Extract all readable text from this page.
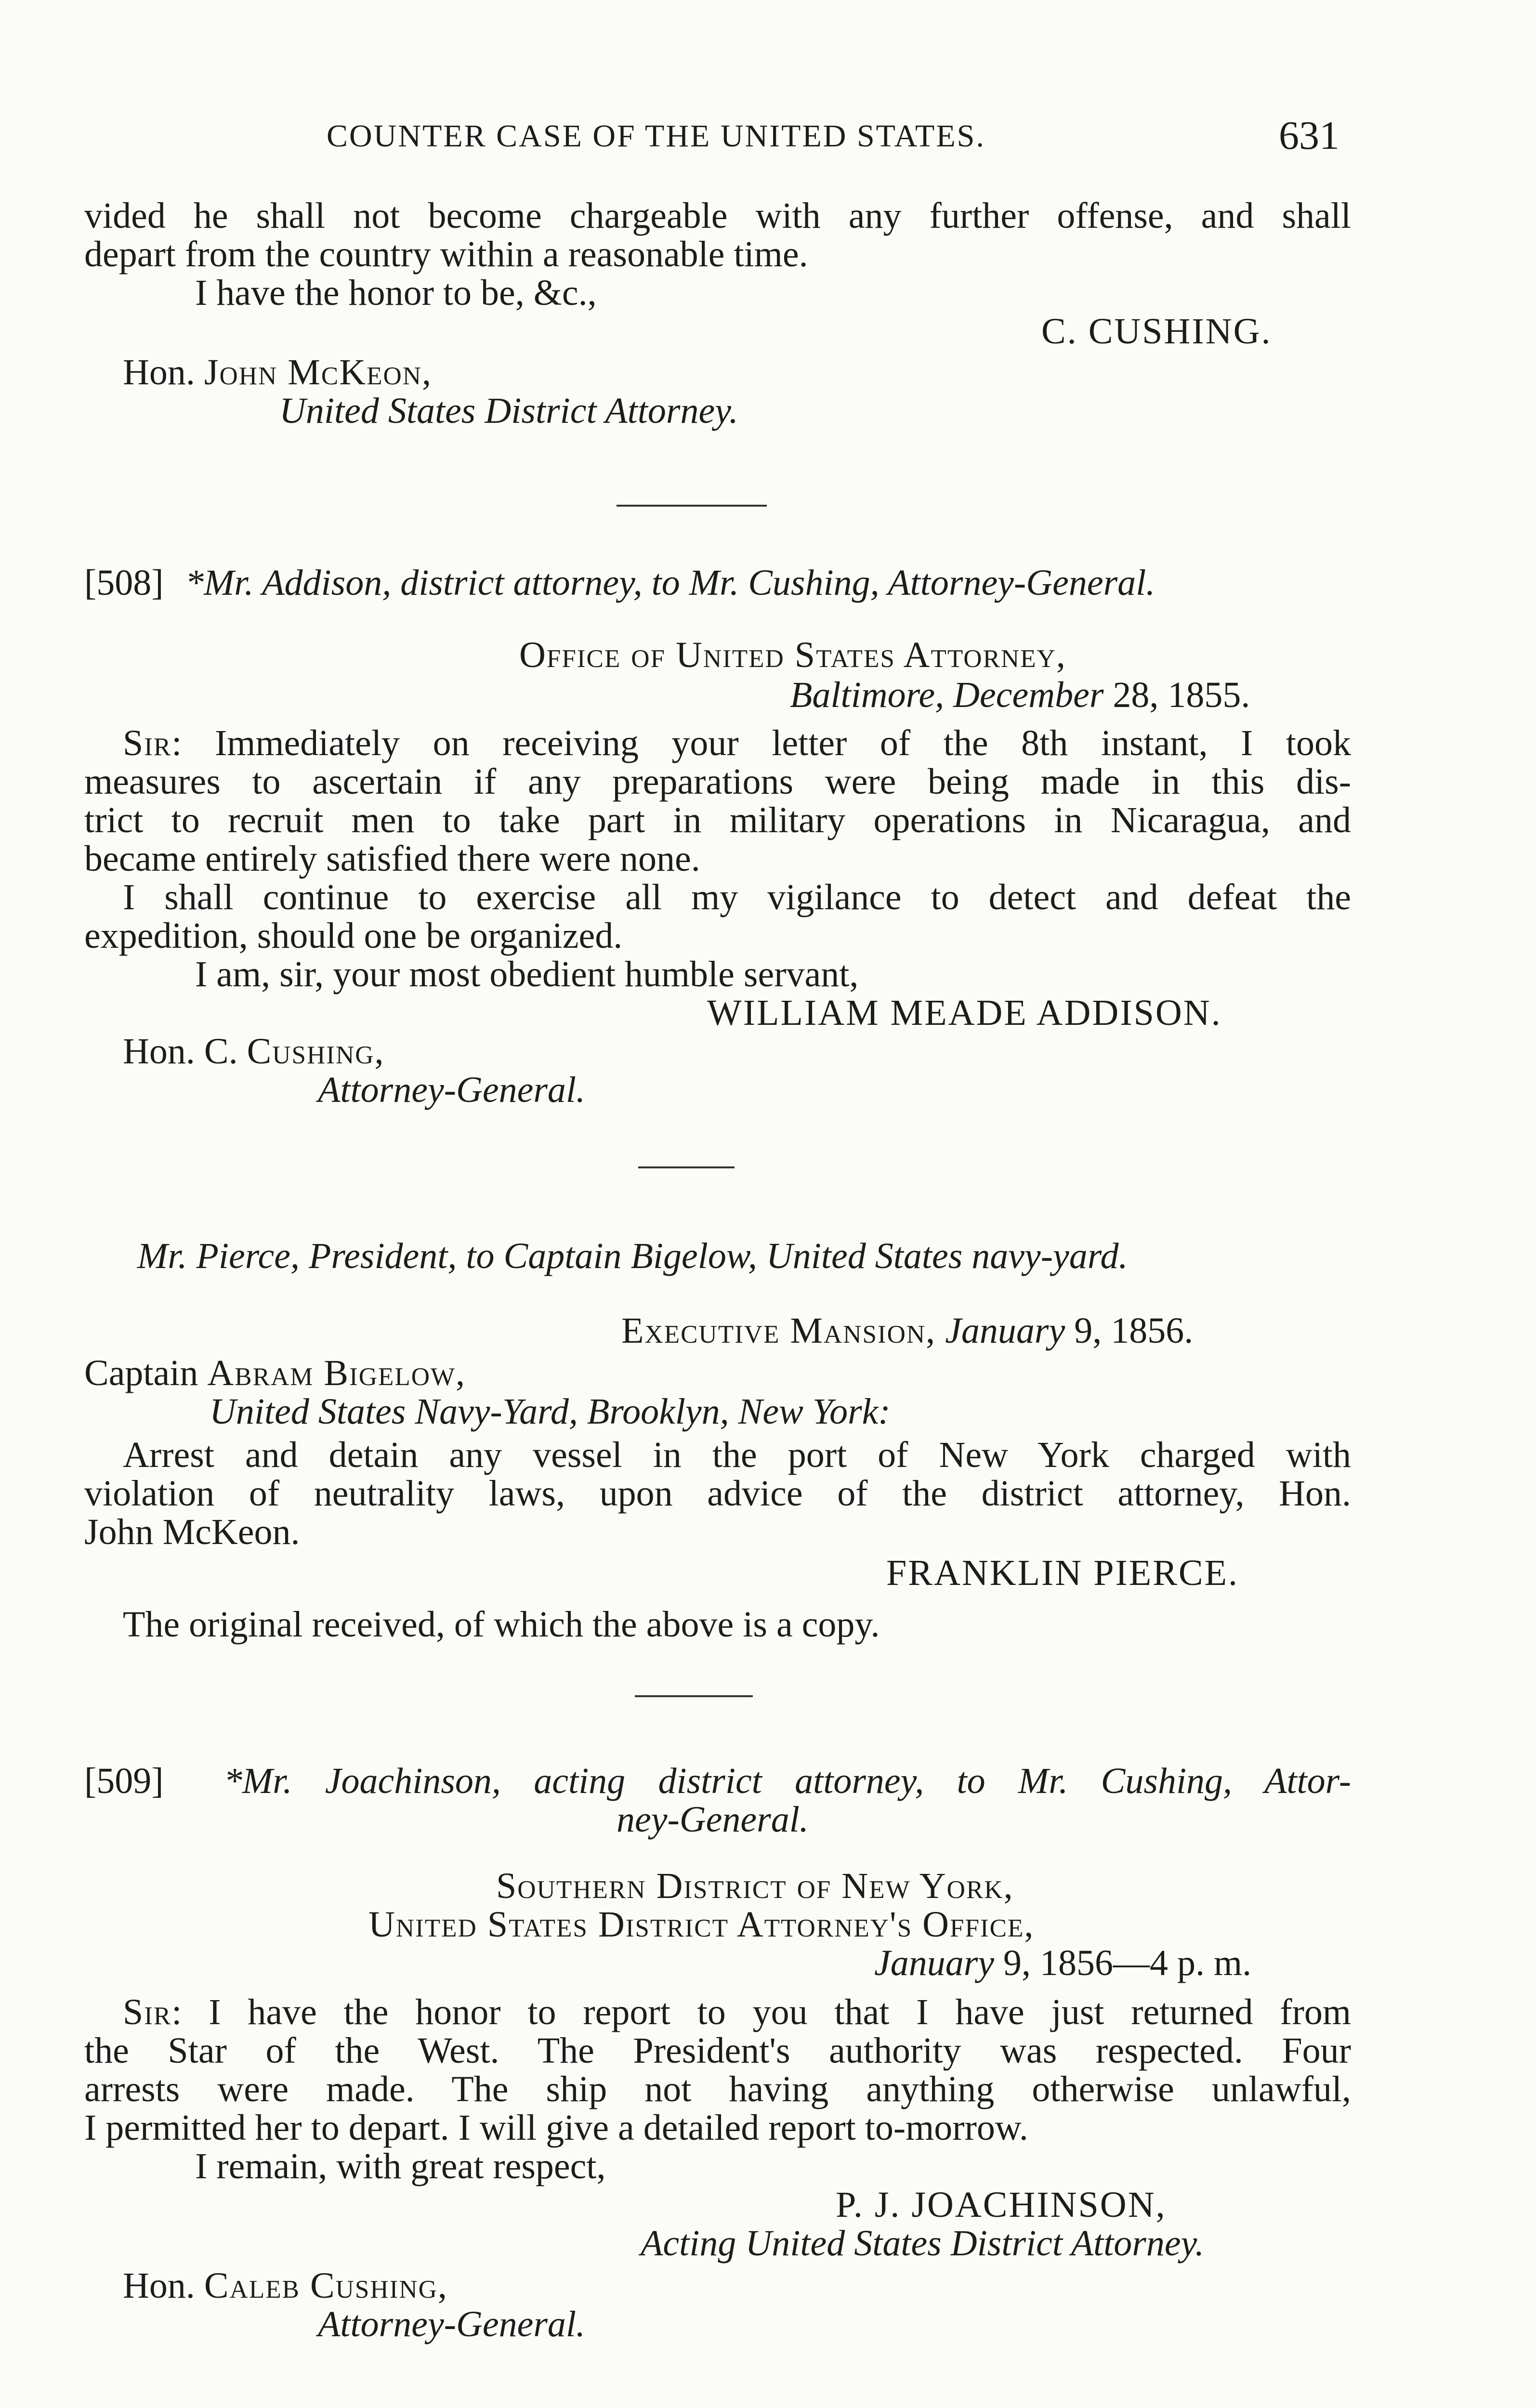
COUNTER CASE OF THE UNITED STATES.	631
vided he shall not become chargeable with any further offense, and shall
depart from the country within a reasonable time.
I have the honor to be, &c.,
C. CUSHING.
Hon. John McKeon,
United States District Attorney.
[508] *Mr. Addison, district attorney, to Mr. Cushing, Attorney-General.
Office of United States Attorney,
Baltimore, December 28, 1855.
Sir: Immediately on receiving your letter of the 8th instant, I took
measures to ascertain if any preparations were being made in this dis-
trict to recruit men to take part in military operations in Nicaragua, and
became entirely satisfied there were none.
I shall continue to exercise all my vigilance to detect and defeat the
expedition, should one be organized.
I am, sir, your most obedient humble servant,
WILLIAM MEADE ADDISON.
Hon. C. Cushing,
Attorney-General.
Mr. Pierce, President, to Captain Bigelow, United States navy-yard.
Executive Mansion, January 9, 1856.
Captain Abram Bigelow,
United States Navy-Yard, Brooklyn, New York:
Arrest and detain any vessel in the port of New York charged with
violation of neutrality laws, upon advice of the district attorney, Hon.
John McKeon.
FRANKLIN PIERCE.
The original received, of which the above is a copy.
[509] *Mr. Joachinson, acting district attorney, to Mr. Cushing, Attor-
ney-General.
Southern District of New York,
United States District Attorney's Office,
January 9, 1856—4 p. m.
Sir: I have the honor to report to you that I have just returned from
the Star of the West. The President's authority was respected. Four
arrests were made. The ship not having anything otherwise unlawful,
I permitted her to depart. I will give a detailed report to-morrow.
I remain, with great respect,
P. J. JOACHINSON,
Acting United States District Attorney.
Hon. Caleb Cushing,
Attorney-General.
